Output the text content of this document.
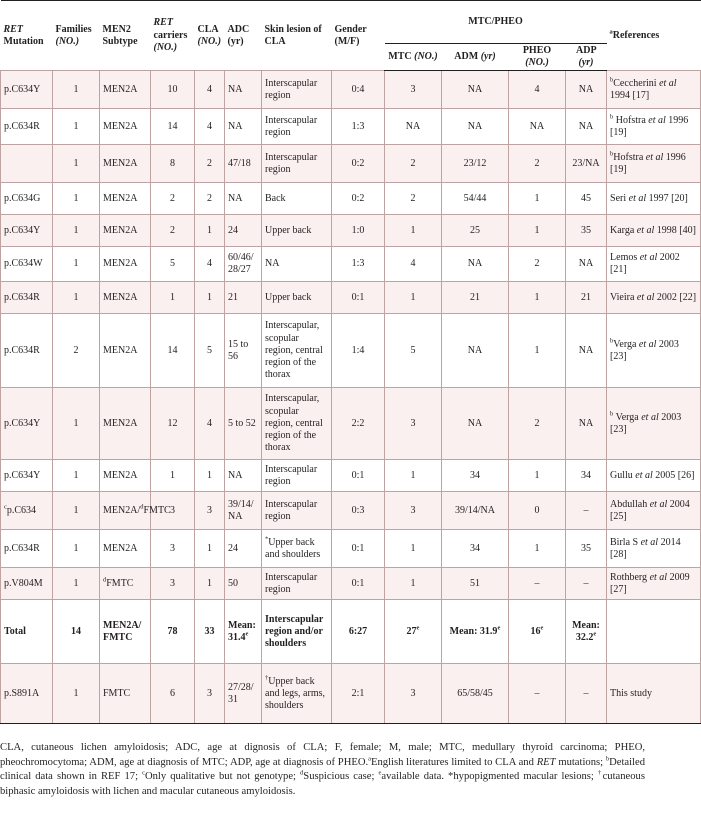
RET Mutation	Families (NO.)	MEN2 Subtype	RET carriers (NO.)	CLA (NO.)	ADC (yr)	Skin lesion of CLA	Gender (M/F)	MTC/PHEO				$^a$References
								MTC (NO.)	ADM (yr)	PHEO (NO.)	ADP (yr)	
p.C634Y	1	MEN2A	10	4	NA	Interscapular region	0:4	3	NA	4	NA	$^b$Ceccherini et al 1994 [17]
p.C634R	1	MEN2A	14	4	NA	Interscapular region	1:3	NA	NA	NA	NA	$^b$ Hofstra et al 1996 [19]
	1	MEN2A	8	2	47/18	Interscapular region	0:2	2	23/12	2	23/NA	$^b$Hofstra et al 1996 [19]
p.C634G	1	MEN2A	2	2	NA	Back	0:2	2	54/44	1	45	Seri et al 1997 [20]
p.C634Y	1	MEN2A	2	1	24	Upper back	1:0	1	25	1	35	Karga et al 1998 [40]
p.C634W	1	MEN2A	5	4	60/46/ 28/27	NA	1:3	4	NA	2	NA	Lemos et al 2002 [21]
p.C634R	1	MEN2A	1	1	21	Upper back	0:1	1	21	1	21	Vieira et al 2002 [22]
p.C634R	2	MEN2A	14	5	15 to 56	Interscapular, scopular region, central region of the thorax	1:4	5	NA	1	NA	$^b$Verga et al 2003 [23]
p.C634Y	1	MEN2A	12	4	5 to 52	Interscapular, scopular region, central region of the thorax	2:2	3	NA	2	NA	$^b$ Verga et al 2003 [23]
p.C634Y	1	MEN2A	1	1	NA	Interscapular region	0:1	1	34	1	34	Gullu et al 2005 [26]
$^c$p.C634	1	MEN2A/$^d$FMTC	3	3	39/14/ NA	Interscapular region	0:3	3	39/14/NA	0	–	Abdullah et al 2004 [25]
p.C634R	1	MEN2A	3	1	24	*Upper back and shoulders	0:1	1	34	1	35	Birla S et al 2014 [28]
p.V804M	1	$^d$FMTC	3	1	50	Interscapular region	0:1	1	51	–	–	Rothberg et al 2009 [27]
Total	14	MEN2A/ FMTC	78	33	Mean: 31.4e	Interscapular region and/or shoulders	6:27	27e	Mean: 31.9e	16e	Mean: 32.2e	
p.S891A	1	FMTC	6	3	27/28/ 31	†Upper back and legs, arms, shoulders	2:1	3	65/58/45	–	–	This study
CLA, cutaneous lichen amyloidosis; ADC, age at dignosis of CLA; F, female; M, male; MTC, medullary thyroid carcinoma; PHEO, pheochromocytoma; ADM, age at diagnosis of MTC; ADP, age at diagnosis of PHEO.$^a$English literatures limited to CLA and RET mutations; $^b$Detailed clinical data shown in REF 17; $^c$Only qualitative but not genotype; $^d$Suspicious case; $^e$available data. *hypopigmented macular lesions; †cutaneous biphasic amyloidosis with lichen and macular cutaneous amyloidosis.
